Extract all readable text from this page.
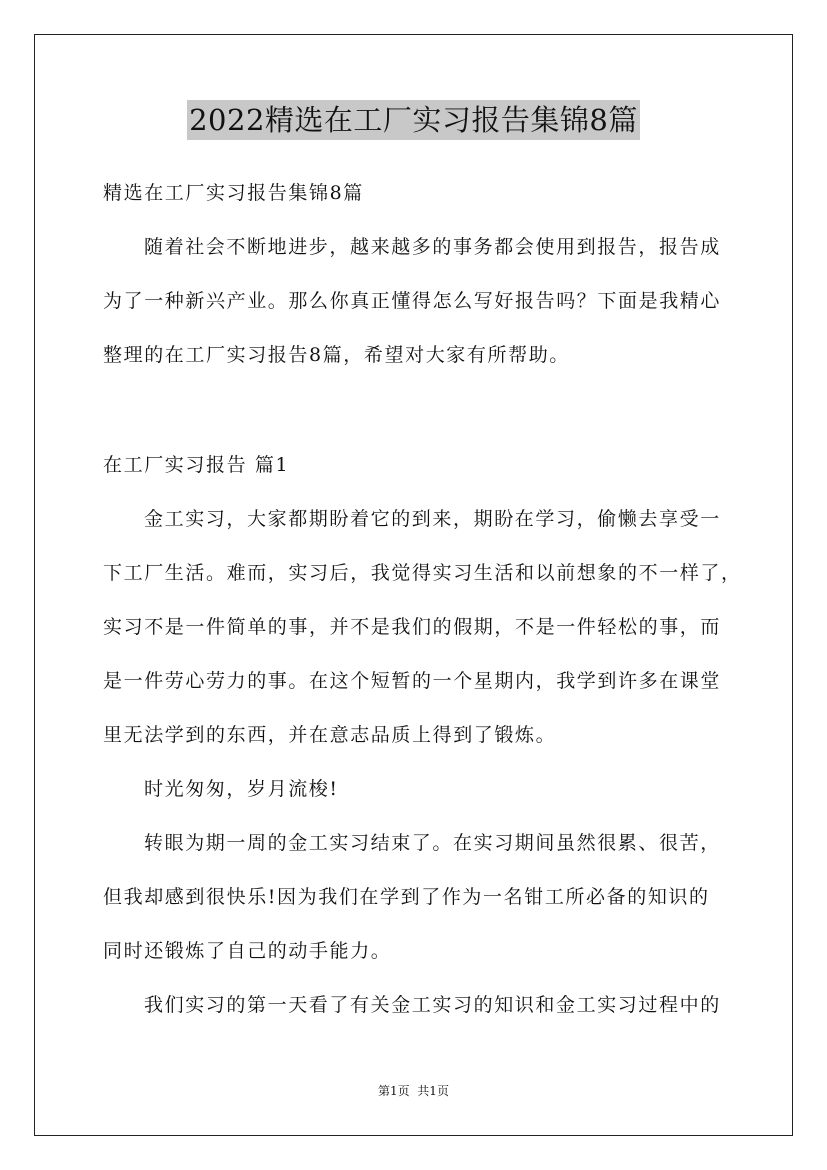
2022精选在工厂实习报告集锦8篇
精选在工厂实习报告集锦8篇
随着社会不断地进步，越来越多的事务都会使用到报告，报告成
为了一种新兴产业。那么你真正懂得怎么写好报告吗？下面是我精心
整理的在工厂实习报告8篇，希望对大家有所帮助。
在工厂实习报告 篇1
金工实习，大家都期盼着它的到来，期盼在学习，偷懒去享受一
下工厂生活。难而，实习后，我觉得实习生活和以前想象的不一样了，
实习不是一件简单的事，并不是我们的假期，不是一件轻松的事，而
是一件劳心劳力的事。在这个短暂的一个星期内，我学到许多在课堂
里无法学到的东西，并在意志品质上得到了锻炼。
时光匆匆，岁月流梭!
转眼为期一周的金工实习结束了。在实习期间虽然很累、很苦，
但我却感到很快乐!因为我们在学到了作为一名钳工所必备的知识的
同时还锻炼了自己的动手能力。
我们实习的第一天看了有关金工实习的知识和金工实习过程中的
第1页  共1页
